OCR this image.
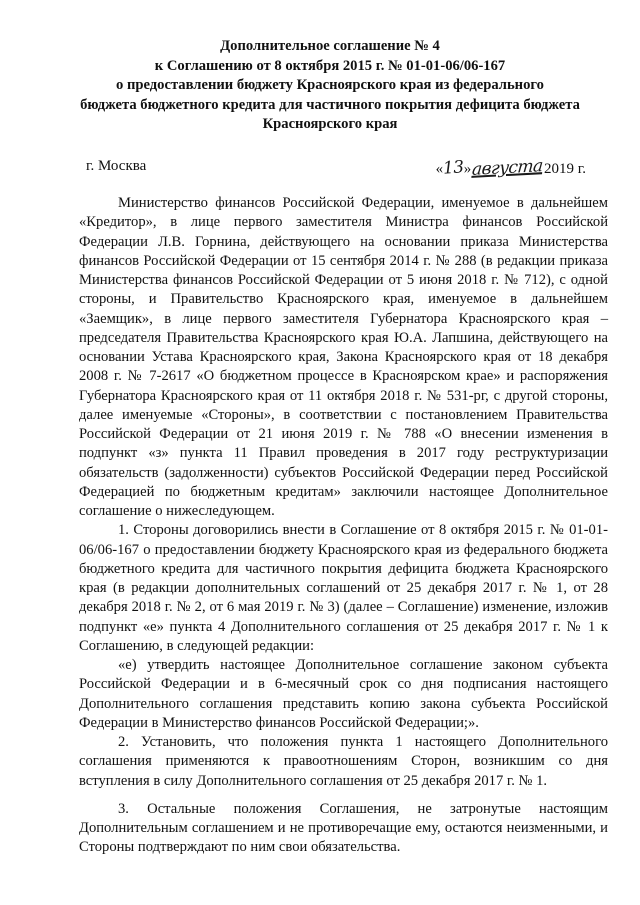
Дополнительное соглашение № 4
к Соглашению от 8 октября 2015 г. № 01-01-06/06-167
о предоставлении бюджету Красноярского края из федерального
бюджета бюджетного кредита для частичного покрытия дефицита бюджета
Красноярского края
г. Москва	«13»августа2019 г.

Министерство финансов Российской Федерации, именуемое в дальнейшем «Кредитор», в лице первого заместителя Министра финансов Российской Федерации Л.В. Горнина, действующего на основании приказа Министерства финансов Российской Федерации от 15 сентября 2014 г. № 288 (в редакции приказа Министерства финансов Российской Федерации от 5 июня 2018 г. № 712), с одной стороны, и Правительство Красноярского края, именуемое в дальнейшем «Заемщик», в лице первого заместителя Губернатора Красноярского края – председателя Правительства Красноярского края Ю.А. Лапшина, действующего на основании Устава Красноярского края, Закона Красноярского края от 18 декабря 2008 г. № 7-2617 «О бюджетном процессе в Красноярском крае» и распоряжения Губернатора Красноярского края от 11 октября 2018 г. № 531-рг, с другой стороны, далее именуемые «Стороны», в соответствии с постановлением Правительства Российской Федерации от 21 июня 2019 г. № 788 «О внесении изменения в подпункт «з» пункта 11 Правил проведения в 2017 году реструктуризации обязательств (задолженности) субъектов Российской Федерации перед Российской Федерацией по бюджетным кредитам» заключили настоящее Дополнительное соглашение о нижеследующем.

1. Стороны договорились внести в Соглашение от 8 октября 2015 г. № 01-01-06/06-167 о предоставлении бюджету Красноярского края из федерального бюджета бюджетного кредита для частичного покрытия дефицита бюджета Красноярского края (в редакции дополнительных соглашений от 25 декабря 2017 г. № 1, от 28 декабря 2018 г. № 2, от 6 мая 2019 г. № 3) (далее – Соглашение) изменение, изложив подпункт «е» пункта 4 Дополнительного соглашения от 25 декабря 2017 г. № 1 к Соглашению, в следующей редакции:

«е) утвердить настоящее Дополнительное соглашение законом субъекта Российской Федерации и в 6-месячный срок со дня подписания настоящего Дополнительного соглашения представить копию закона субъекта Российской Федерации в Министерство финансов Российской Федерации;».

2. Установить, что положения пункта 1 настоящего Дополнительного соглашения применяются к правоотношениям Сторон, возникшим со дня вступления в силу Дополнительного соглашения от 25 декабря 2017 г. № 1.

3. Остальные положения Соглашения, не затронутые настоящим Дополнительным соглашением и не противоречащие ему, остаются неизменными, и Стороны подтверждают по ним свои обязательства.
